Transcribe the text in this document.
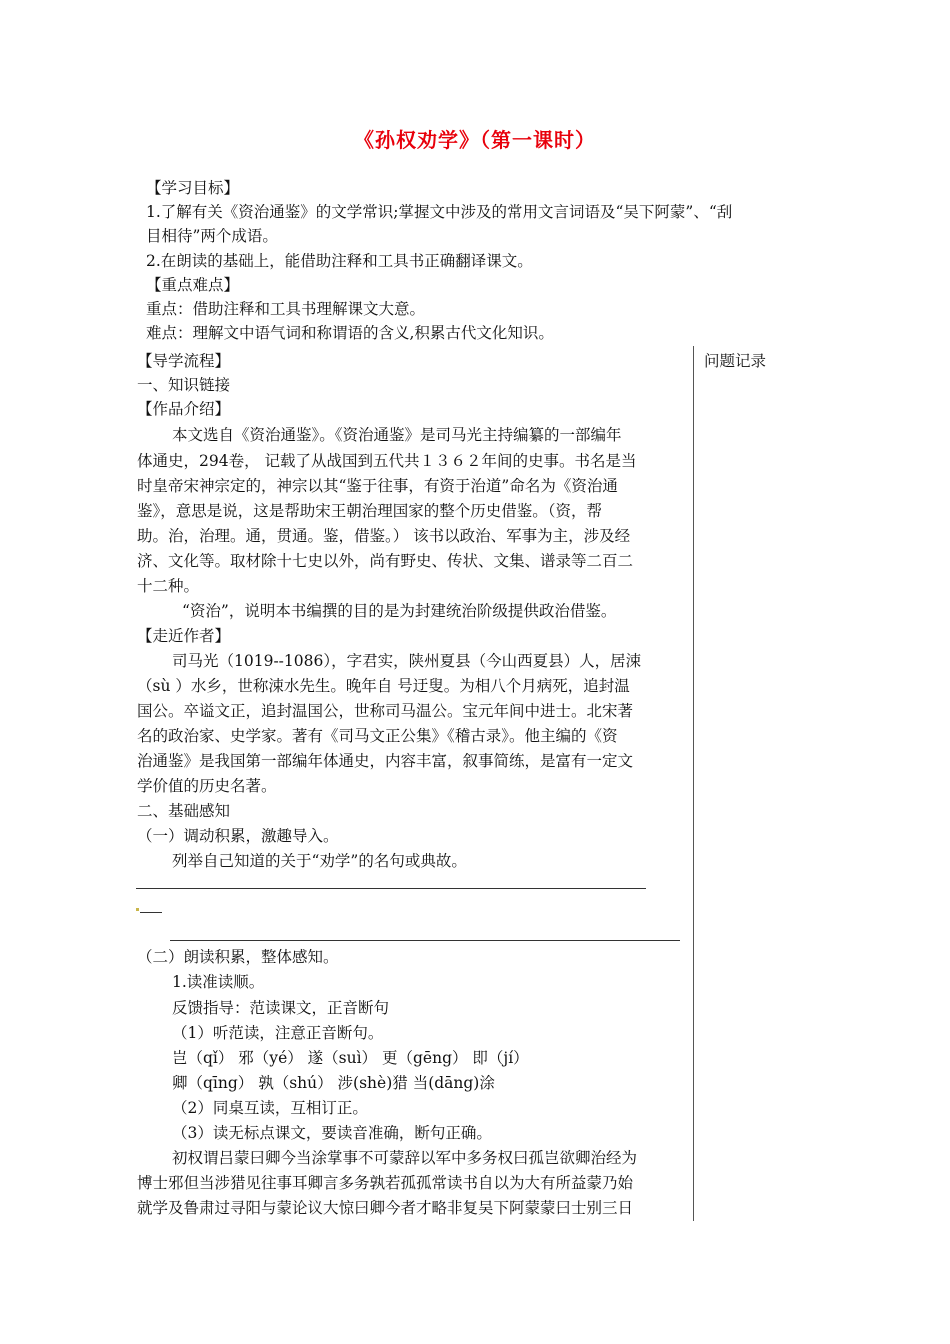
《孙权劝学》（第一课时）
问题记录
【学习目标】
1.了解有关《资治通鉴》的文学常识;掌握文中涉及的常用文言词语及“吴下阿蒙”、“刮
目相待”两个成语。
2.在朗读的基础上，能借助注释和工具书正确翻译课文。
【重点难点】
重点：借助注释和工具书理解课文大意。
难点：理解文中语气词和称谓语的含义,积累古代文化知识。
【导学流程】
一、知识链接
【作品介绍】
本文选自《资治通鉴》。《资治通鉴》是司马光主持编纂的一部编年
体通史，294卷， 记载了从战国到五代共１３６２年间的史事。书名是当
时皇帝宋神宗定的，神宗以其“鉴于往事，有资于治道”命名为《资治通
鉴》，意思是说，这是帮助宋王朝治理国家的整个历史借鉴。（资，帮
助。治，治理。通，贯通。鉴，借鉴。） 该书以政治、军事为主，涉及经
济、文化等。取材除十七史以外，尚有野史、传状、文集、谱录等二百二
十二种。
“资治”，说明本书编撰的目的是为封建统治阶级提供政治借鉴。
【走近作者】
司马光（1019--1086），字君实，陕州夏县（今山西夏县）人，居涑
（sù ）水乡，世称涑水先生。晚年自 号迂叟。为相八个月病死，追封温
国公。卒谥文正，追封温国公，世称司马温公。宝元年间中进士。北宋著
名的政治家、史学家。著有《司马文正公集》《稽古录》。他主编的《资
治通鉴》是我国第一部编年体通史，内容丰富，叙事简练，是富有一定文
学价值的历史名著。
二、基础感知
（一）调动积累，激趣导入。
列举自己知道的关于“劝学”的名句或典故。
（二）朗读积累，整体感知。
1.读准读顺。
反馈指导：范读课文，正音断句
（1）听范读，注意正音断句。
岂（qǐ） 邪（yé） 遂（suì） 更（gēng） 即（jí）
卿（qīng） 孰（shú） 涉(shè)猎 当(dāng)涂
（2）同桌互读，互相订正。
（3）读无标点课文，要读音准确，断句正确。
初权谓吕蒙曰卿今当涂掌事不可蒙辞以军中多务权曰孤岂欲卿治经为
博士邪但当涉猎见往事耳卿言多务孰若孤孤常读书自以为大有所益蒙乃始
就学及鲁肃过寻阳与蒙论议大惊曰卿今者才略非复吴下阿蒙蒙曰士别三日
